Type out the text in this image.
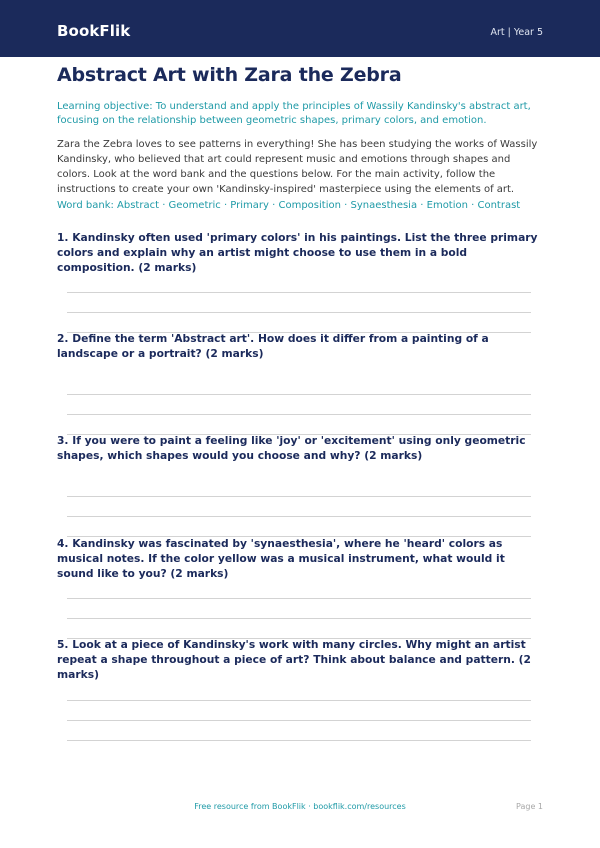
BookFlik	Art | Year 5
Abstract Art with Zara the Zebra

Learning objective: To understand and apply the principles of Wassily Kandinsky's abstract art, focusing on the relationship between geometric shapes, primary colors, and emotion.

Zara the Zebra loves to see patterns in everything! She has been studying the works of Wassily Kandinsky, who believed that art could represent music and emotions through shapes and colors. Look at the word bank and the questions below. For the main activity, follow the instructions to create your own 'Kandinsky-inspired' masterpiece using the elements of art.

Word bank: Abstract · Geometric · Primary · Composition · Synaesthesia · Emotion · Contrast

1. Kandinsky often used 'primary colors' in his paintings. List the three primary colors and explain why an artist might choose to use them in a bold composition. (2 marks)

2. Define the term 'Abstract art'. How does it differ from a painting of a landscape or a portrait? (2 marks)

3. If you were to paint a feeling like 'joy' or 'excitement' using only geometric shapes, which shapes would you choose and why? (2 marks)

4. Kandinsky was fascinated by 'synaesthesia', where he 'heard' colors as musical notes. If the color yellow was a musical instrument, what would it sound like to you? (2 marks)

5. Look at a piece of Kandinsky's work with many circles. Why might an artist repeat a shape throughout a piece of art? Think about balance and pattern. (2 marks)

Free resource from BookFlik · bookflik.com/resources	Page 1
